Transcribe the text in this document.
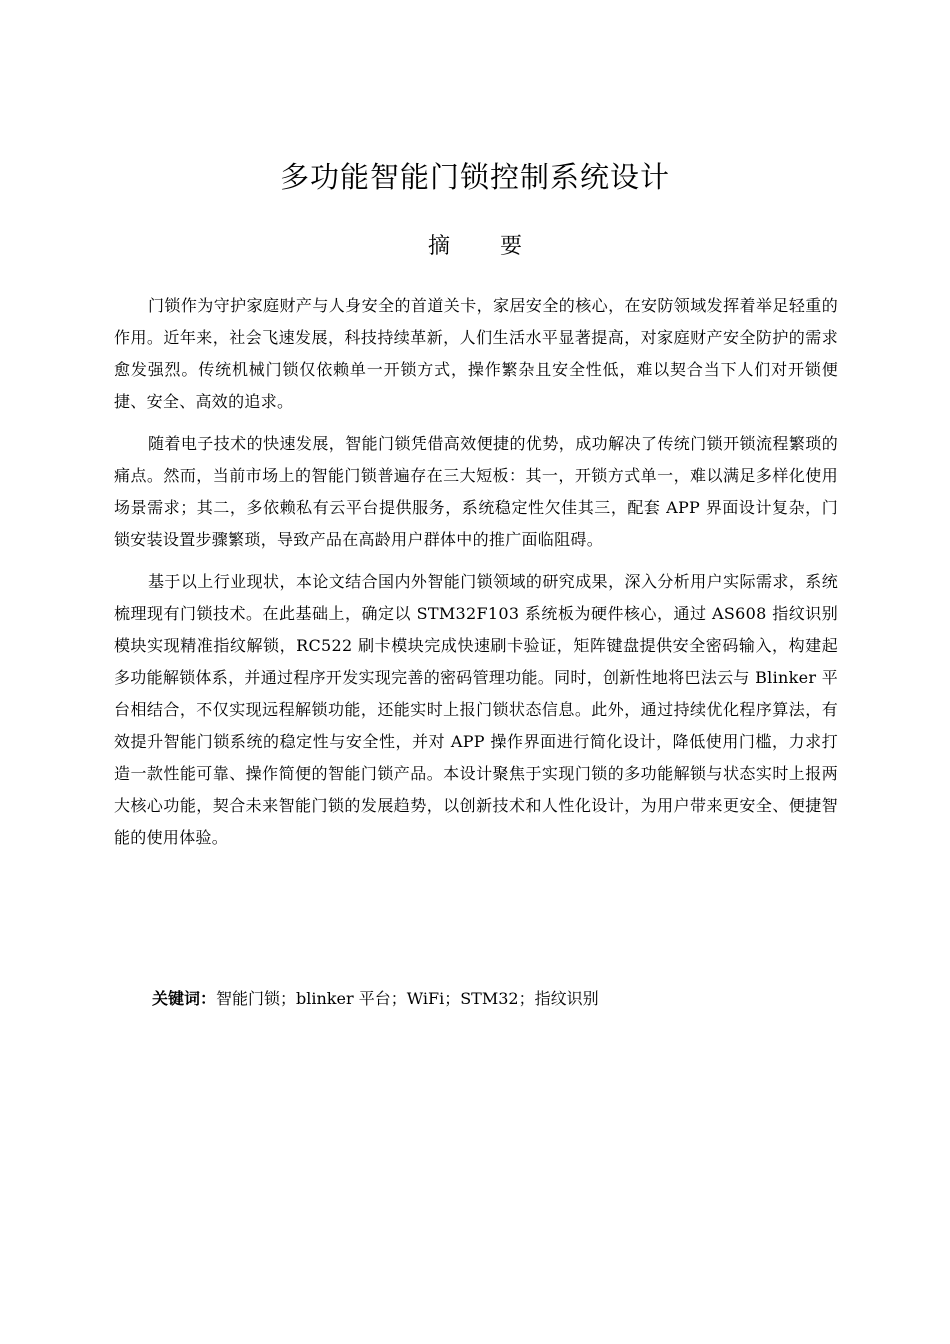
多功能智能门锁控制系统设计
摘要

门锁作为守护家庭财产与人身安全的首道关卡，家居安全的核心，在安防领域发挥着举足轻重的作用。近年来，社会飞速发展，科技持续革新，人们生活水平显著提高，对家庭财产安全防护的需求愈发强烈。传统机械门锁仅依赖单一开锁方式，操作繁杂且安全性低，难以契合当下人们对开锁便捷、安全、高效的追求。

随着电子技术的快速发展，智能门锁凭借高效便捷的优势，成功解决了传统门锁开锁流程繁琐的痛点。然而，当前市场上的智能门锁普遍存在三大短板：其一，开锁方式单一，难以满足多样化使用场景需求；其二，多依赖私有云平台提供服务，系统稳定性欠佳其三，配套 APP 界面设计复杂，门锁安装设置步骤繁琐，导致产品在高龄用户群体中的推广面临阻碍。

基于以上行业现状，本论文结合国内外智能门锁领域的研究成果，深入分析用户实际需求，系统梳理现有门锁技术。在此基础上，确定以 STM32F103 系统板为硬件核心，通过 AS608 指纹识别模块实现精准指纹解锁，RC522 刷卡模块完成快速刷卡验证，矩阵键盘提供安全密码输入，构建起多功能解锁体系，并通过程序开发实现完善的密码管理功能。同时，创新性地将巴法云与 Blinker 平台相结合，不仅实现远程解锁功能，还能实时上报门锁状态信息。此外，通过持续优化程序算法，有效提升智能门锁系统的稳定性与安全性，并对 APP 操作界面进行简化设计，降低使用门槛，力求打造一款性能可靠、操作简便的智能门锁产品。本设计聚焦于实现门锁的多功能解锁与状态实时上报两大核心功能，契合未来智能门锁的发展趋势，以创新技术和人性化设计，为用户带来更安全、便捷智能的使用体验。

关键词：智能门锁；blinker 平台；WiFi；STM32；指纹识别
